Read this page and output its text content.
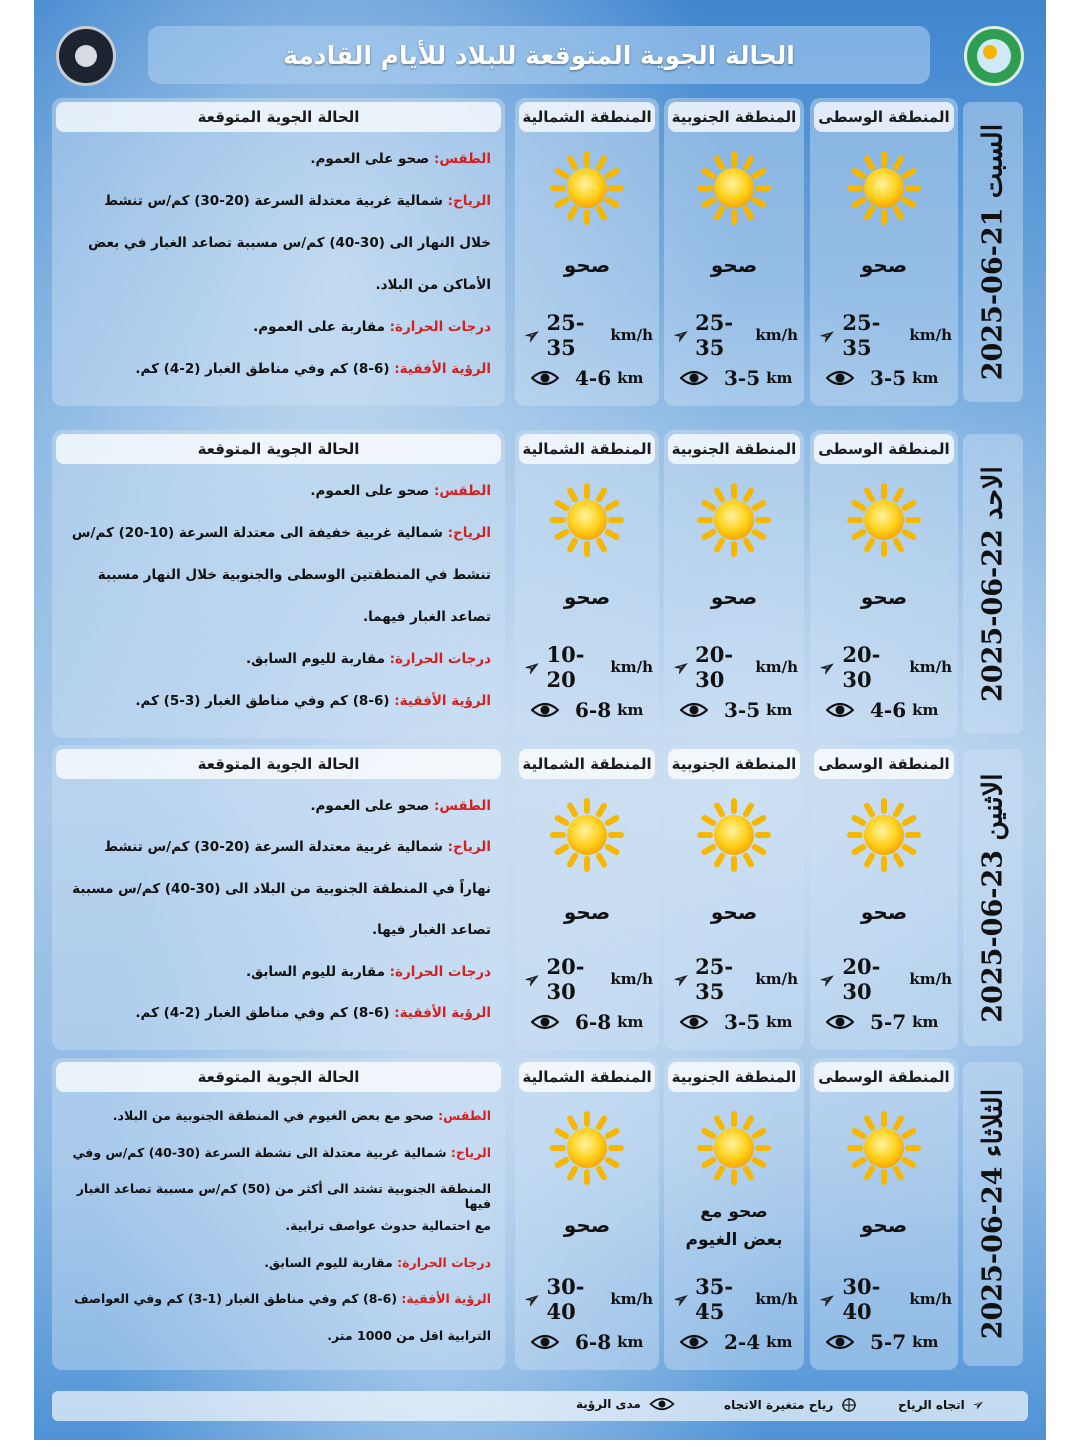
الحالة الجوية المتوقعة للبلاد للأيام القادمة
2025-06-21 السبت
المنطقة الوسطى
صحو
➢ 25-35	km/h
3-5 km
المنطقة الجنوبية
صحو
➢ 25-35	km/h
3-5 km
المنطقة الشمالية
صحو
➢ 25-35	km/h
4-6 km
الحالة الجوية المتوقعة
الطقس: صحو على العموم.
الرياح: شمالية غربية معتدلة السرعة (20-30) كم/س تنشط
خلال النهار الى (30-40) كم/س مسببة تصاعد الغبار في بعض
الأماكن من البلاد.
درجات الحرارة: مقاربة على العموم.
الرؤية الأفقية: (6-8) كم وفي مناطق الغبار (2-4) كم.
2025-06-22 الاحد
المنطقة الوسطى
صحو
➢ 20-30	km/h
4-6 km
المنطقة الجنوبية
صحو
➢ 20-30	km/h
3-5 km
المنطقة الشمالية
صحو
➢ 10-20	km/h
6-8 km
الحالة الجوية المتوقعة
الطقس: صحو على العموم.
الرياح: شمالية غربية خفيفة الى معتدلة السرعة (10-20) كم/س
تنشط في المنطقتين الوسطى والجنوبية خلال النهار مسببة
تصاعد الغبار فيهما.
درجات الحرارة: مقاربة لليوم السابق.
الرؤية الأفقية: (6-8) كم وفي مناطق الغبار (3-5) كم.
2025-06-23 الاثنين
المنطقة الوسطى
صحو
➢ 20-30	km/h
5-7 km
المنطقة الجنوبية
صحو
➢ 25-35	km/h
3-5 km
المنطقة الشمالية
صحو
➢ 20-30	km/h
6-8 km
الحالة الجوية المتوقعة
الطقس: صحو على العموم.
الرياح: شمالية غربية معتدلة السرعة (20-30) كم/س تنشط
نهاراً في المنطقة الجنوبية من البلاد الى (30-40) كم/س مسببة
تصاعد الغبار فيها.
درجات الحرارة: مقاربة لليوم السابق.
الرؤية الأفقية: (6-8) كم وفي مناطق الغبار (2-4) كم.
2025-06-24 الثلاثاء
المنطقة الوسطى
صحو
➢ 30-40	km/h
5-7 km
المنطقة الجنوبية
صحو مع بعض الغيوم
➢ 35-45	km/h
2-4 km
المنطقة الشمالية
صحو
➢ 30-40	km/h
6-8 km
الحالة الجوية المتوقعة
الطقس: صحو مع بعض الغيوم في المنطقة الجنوبية من البلاد.
الرياح: شمالية غربية معتدلة الى نشطة السرعة (30-40) كم/س وفي
المنطقة الجنوبية تشتد الى أكثر من (50) كم/س مسببة تصاعد الغبار فيها
مع احتمالية حدوث عواصف ترابية.
درجات الحرارة: مقاربة لليوم السابق.
الرؤية الأفقية: (6-8) كم وفي مناطق الغبار (1-3) كم وفي العواصف
الترابية اقل من 1000 متر.
➢
اتجاه الرياح
رياح متغيرة الاتجاه
مدى الرؤية
